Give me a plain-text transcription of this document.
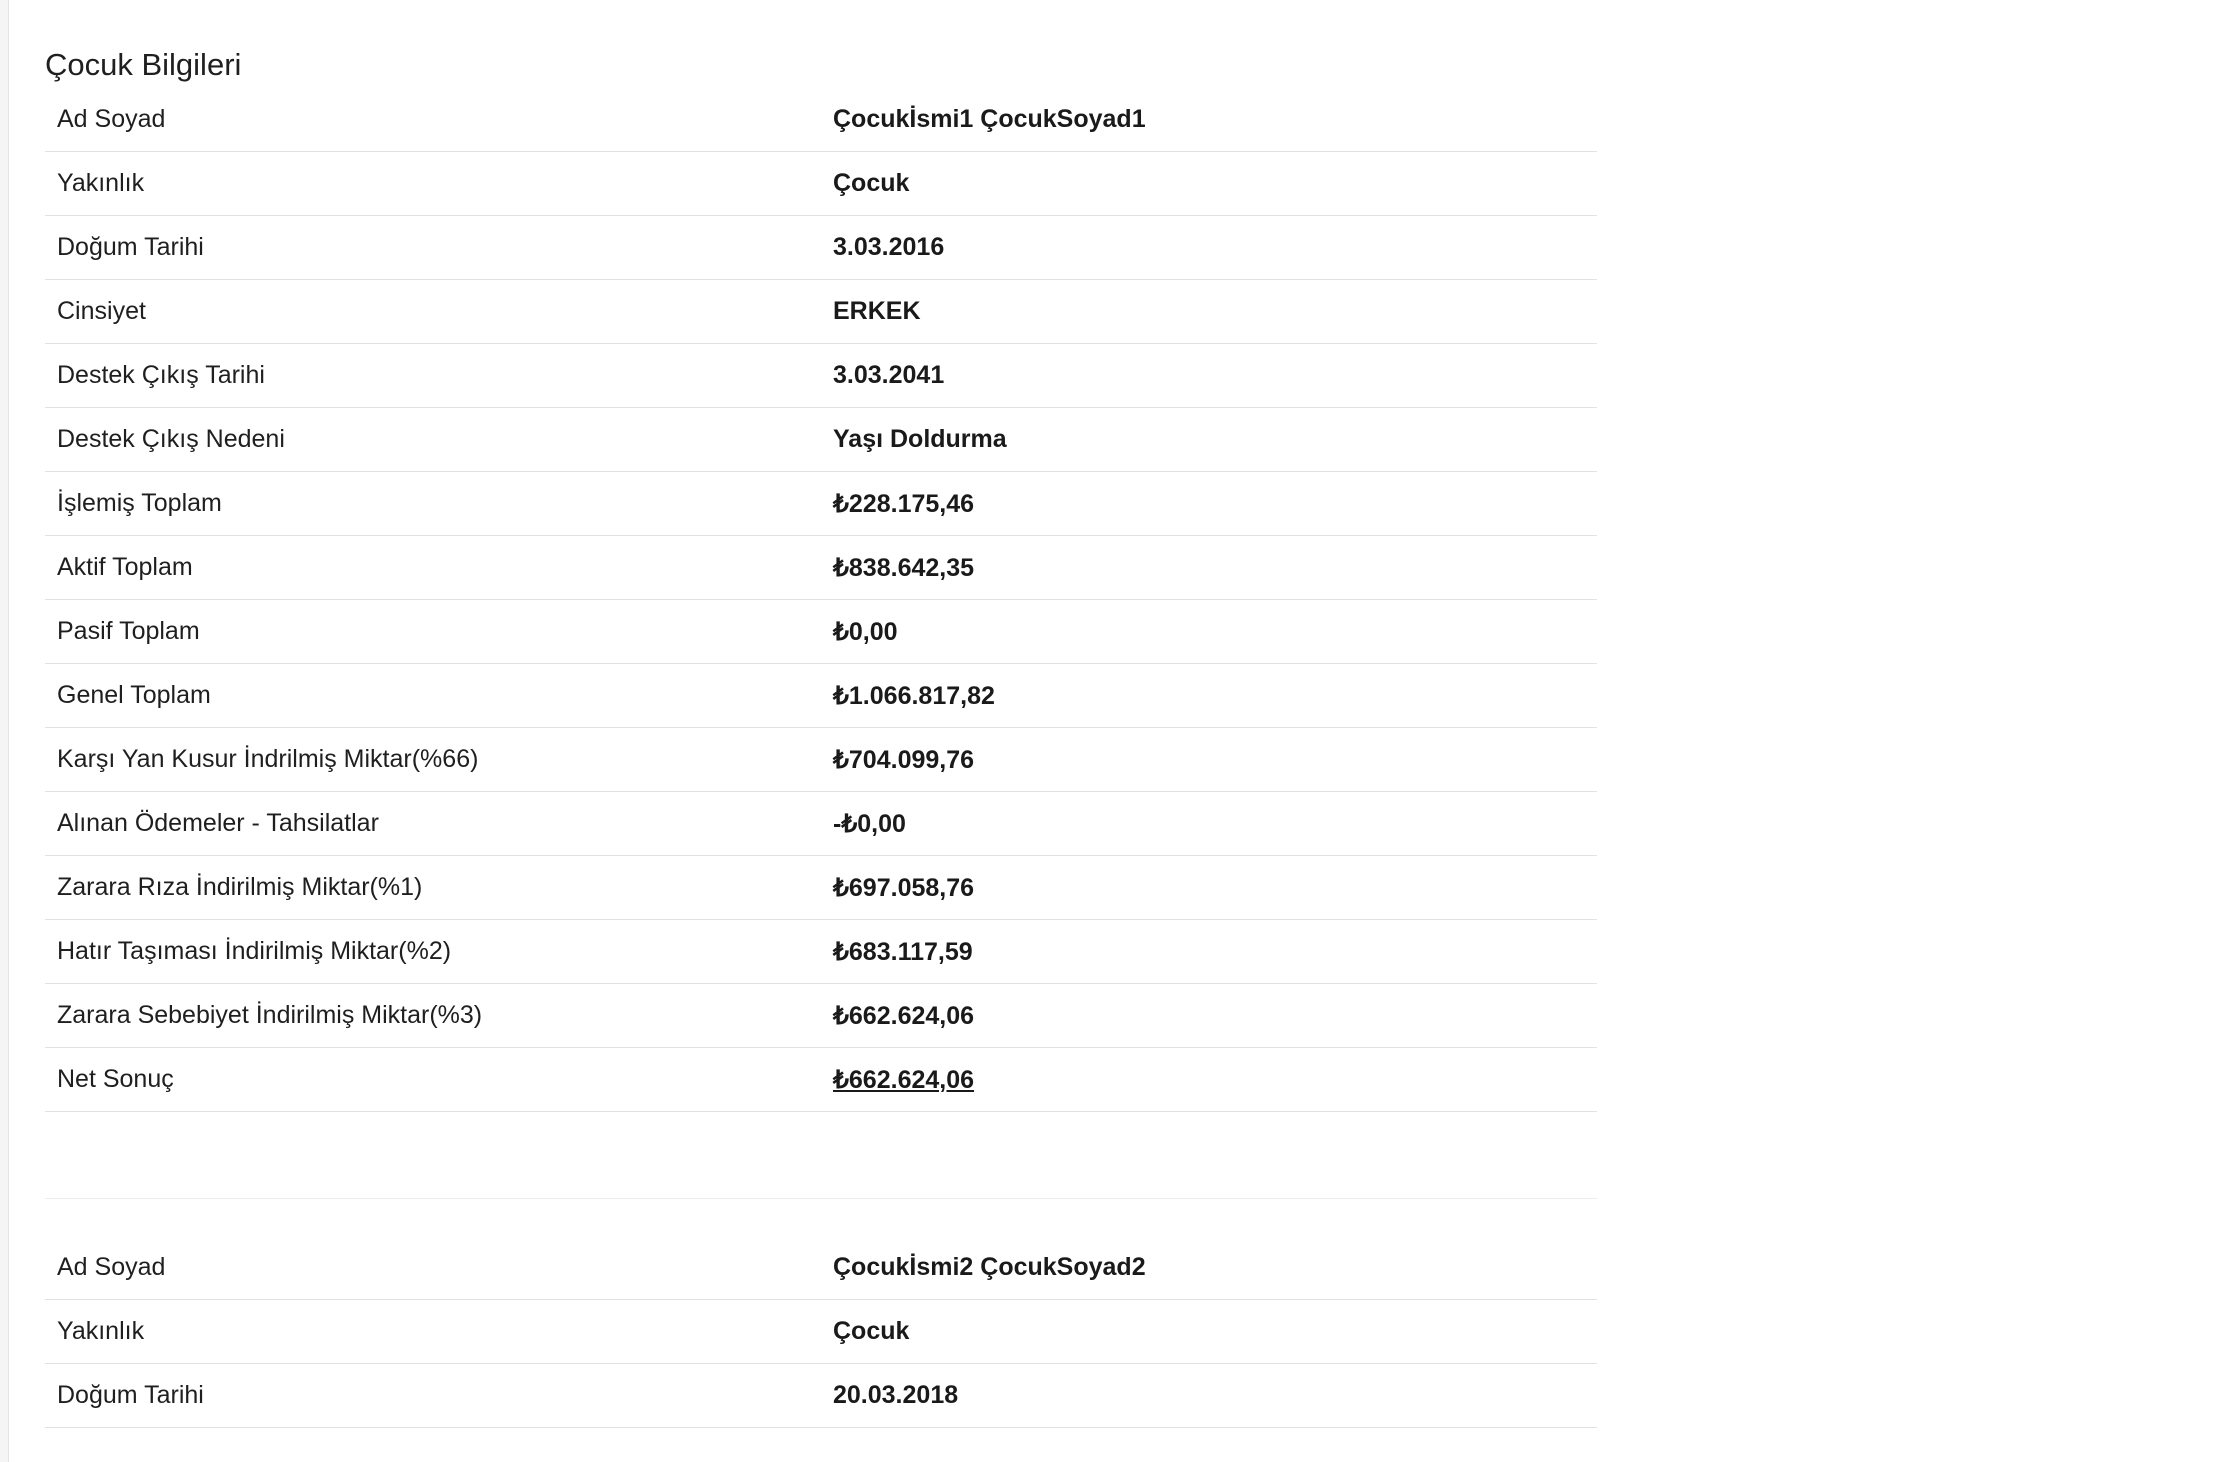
Çocuk Bilgileri
Ad Soyad	Çocukİsmi1 ÇocukSoyad1
Yakınlık	Çocuk
Doğum Tarihi	3.03.2016
Cinsiyet	ERKEK
Destek Çıkış Tarihi	3.03.2041
Destek Çıkış Nedeni	Yaşı Doldurma
İşlemiş Toplam	₺228.175,46
Aktif Toplam	₺838.642,35
Pasif Toplam	₺0,00
Genel Toplam	₺1.066.817,82
Karşı Yan Kusur İndrilmiş Miktar(%66)	₺704.099,76
Alınan Ödemeler - Tahsilatlar	-₺0,00
Zarara Rıza İndirilmiş Miktar(%1)	₺697.058,76
Hatır Taşıması İndirilmiş Miktar(%2)	₺683.117,59
Zarara Sebebiyet İndirilmiş Miktar(%3)	₺662.624,06
Net Sonuç	₺662.624,06
Ad Soyad	Çocukİsmi2 ÇocukSoyad2
Yakınlık	Çocuk
Doğum Tarihi	20.03.2018
